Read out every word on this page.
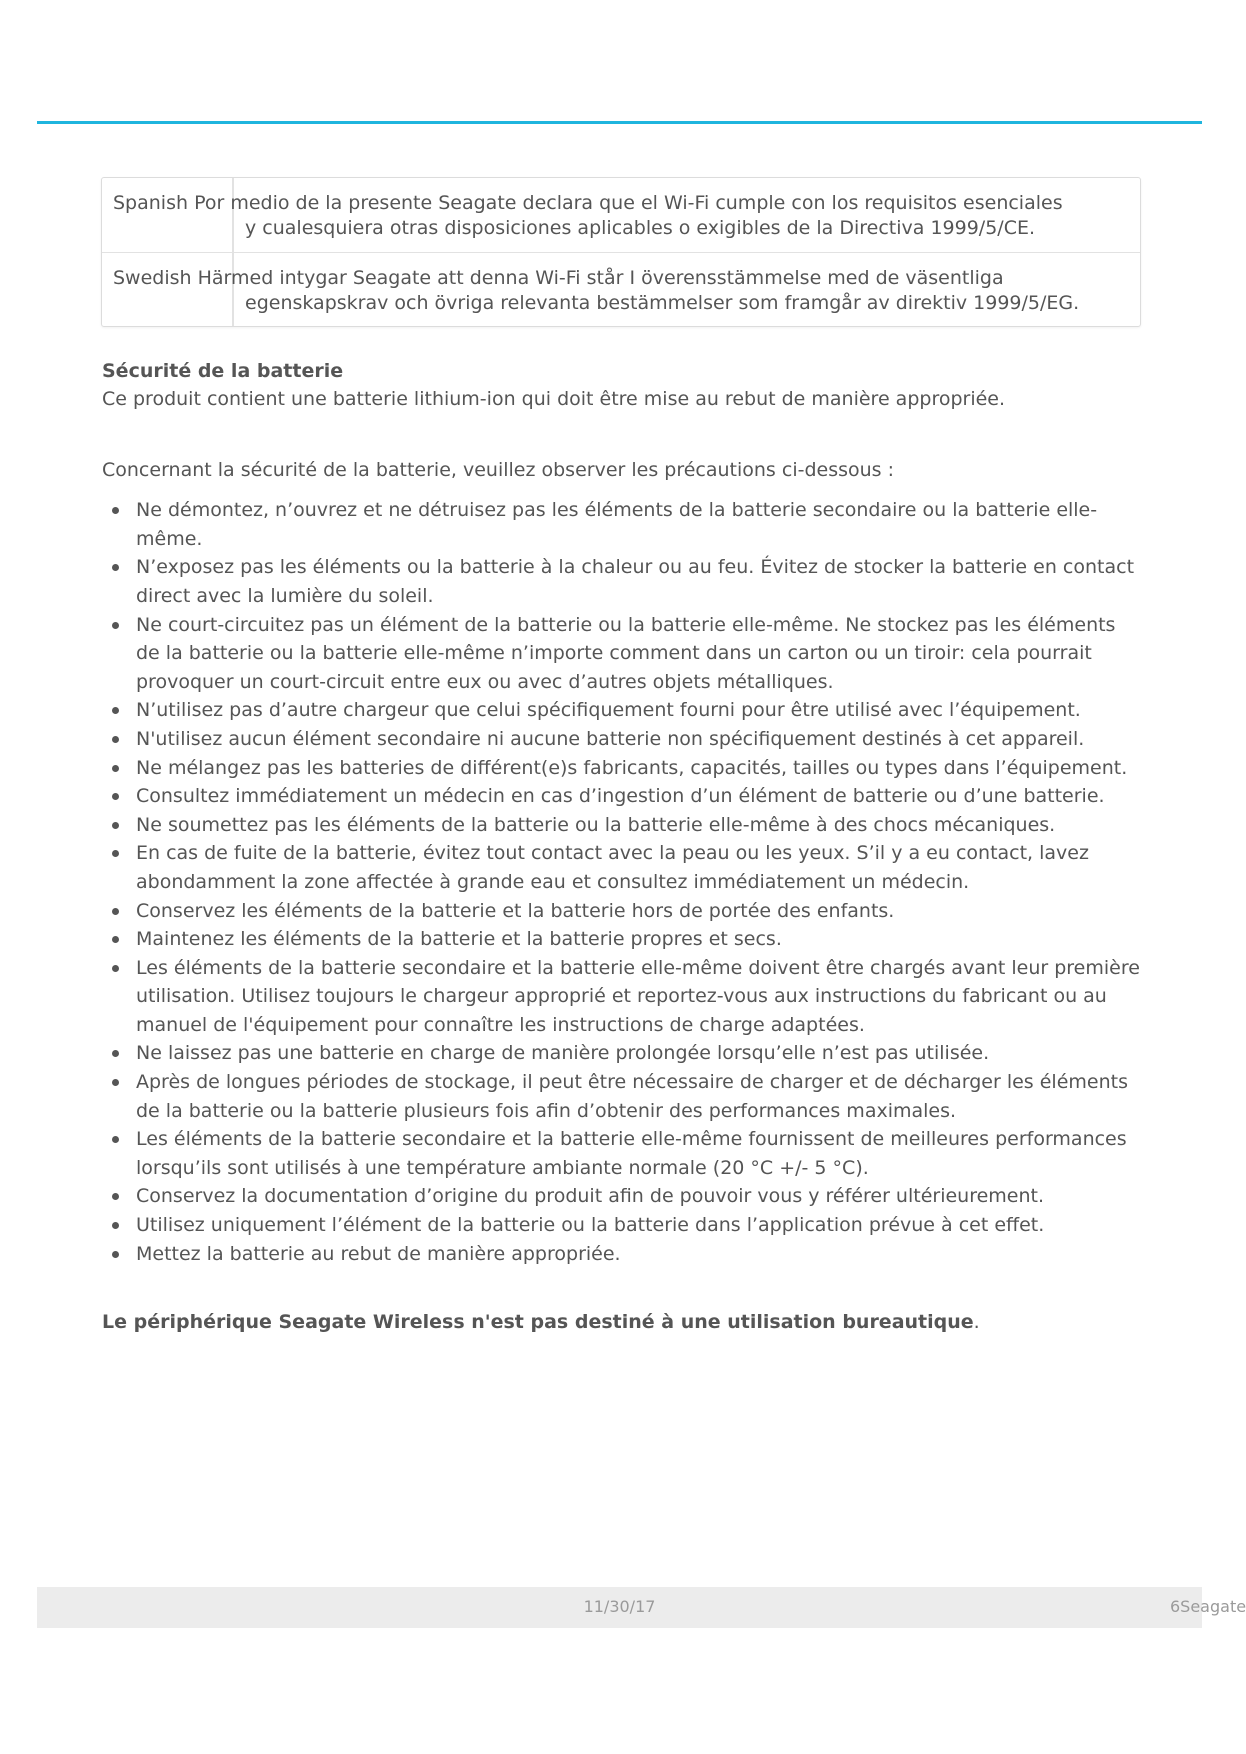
Spanish Por medio de la presente Seagate declara que el Wi-Fi cumple con los requisitos esenciales
y cualesquiera otras disposiciones aplicables o exigibles de la Directiva 1999/5/CE.
Swedish Härmed intygar Seagate att denna Wi-Fi står I överensstämmelse med de väsentliga
egenskapskrav och övriga relevanta bestämmelser som framgår av direktiv 1999/5/EG.

Sécurité de la batterie

Ce produit contient une batterie lithium-ion qui doit être mise au rebut de manière appropriée.

Concernant la sécurité de la batterie, veuillez observer les précautions ci-dessous :

Ne démontez, n’ouvrez et ne détruisez pas les éléments de la batterie secondaire ou la batterie elle-même.
N’exposez pas les éléments ou la batterie à la chaleur ou au feu. Évitez de stocker la batterie en contact direct avec la lumière du soleil.
Ne court-circuitez pas un élément de la batterie ou la batterie elle-même. Ne stockez pas les éléments de la batterie ou la batterie elle-même n’importe comment dans un carton ou un tiroir: cela pourrait provoquer un court-circuit entre eux ou avec d’autres objets métalliques.
N’utilisez pas d’autre chargeur que celui spécifiquement fourni pour être utilisé avec l’équipement.
N'utilisez aucun élément secondaire ni aucune batterie non spécifiquement destinés à cet appareil.
Ne mélangez pas les batteries de différent(e)s fabricants, capacités, tailles ou types dans l’équipement.
Consultez immédiatement un médecin en cas d’ingestion d’un élément de batterie ou d’une batterie.
Ne soumettez pas les éléments de la batterie ou la batterie elle-même à des chocs mécaniques.
En cas de fuite de la batterie, évitez tout contact avec la peau ou les yeux. S’il y a eu contact, lavez abondamment la zone affectée à grande eau et consultez immédiatement un médecin.
Conservez les éléments de la batterie et la batterie hors de portée des enfants.
Maintenez les éléments de la batterie et la batterie propres et secs.
Les éléments de la batterie secondaire et la batterie elle-même doivent être chargés avant leur première utilisation. Utilisez toujours le chargeur approprié et reportez-vous aux instructions du fabricant ou au manuel de l'équipement pour connaître les instructions de charge adaptées.
Ne laissez pas une batterie en charge de manière prolongée lorsqu’elle n’est pas utilisée.
Après de longues périodes de stockage, il peut être nécessaire de charger et de décharger les éléments de la batterie ou la batterie plusieurs fois afin d’obtenir des performances maximales.
Les éléments de la batterie secondaire et la batterie elle-même fournissent de meilleures performances lorsqu’ils sont utilisés à une température ambiante normale (20 °C +/- 5 °C).
Conservez la documentation d’origine du produit afin de pouvoir vous y référer ultérieurement.
Utilisez uniquement l’élément de la batterie ou la batterie dans l’application prévue à cet effet.
Mettez la batterie au rebut de manière appropriée.

Le périphérique Seagate Wireless n'est pas destiné à une utilisation bureautique.

11/30/17	6Seagate
